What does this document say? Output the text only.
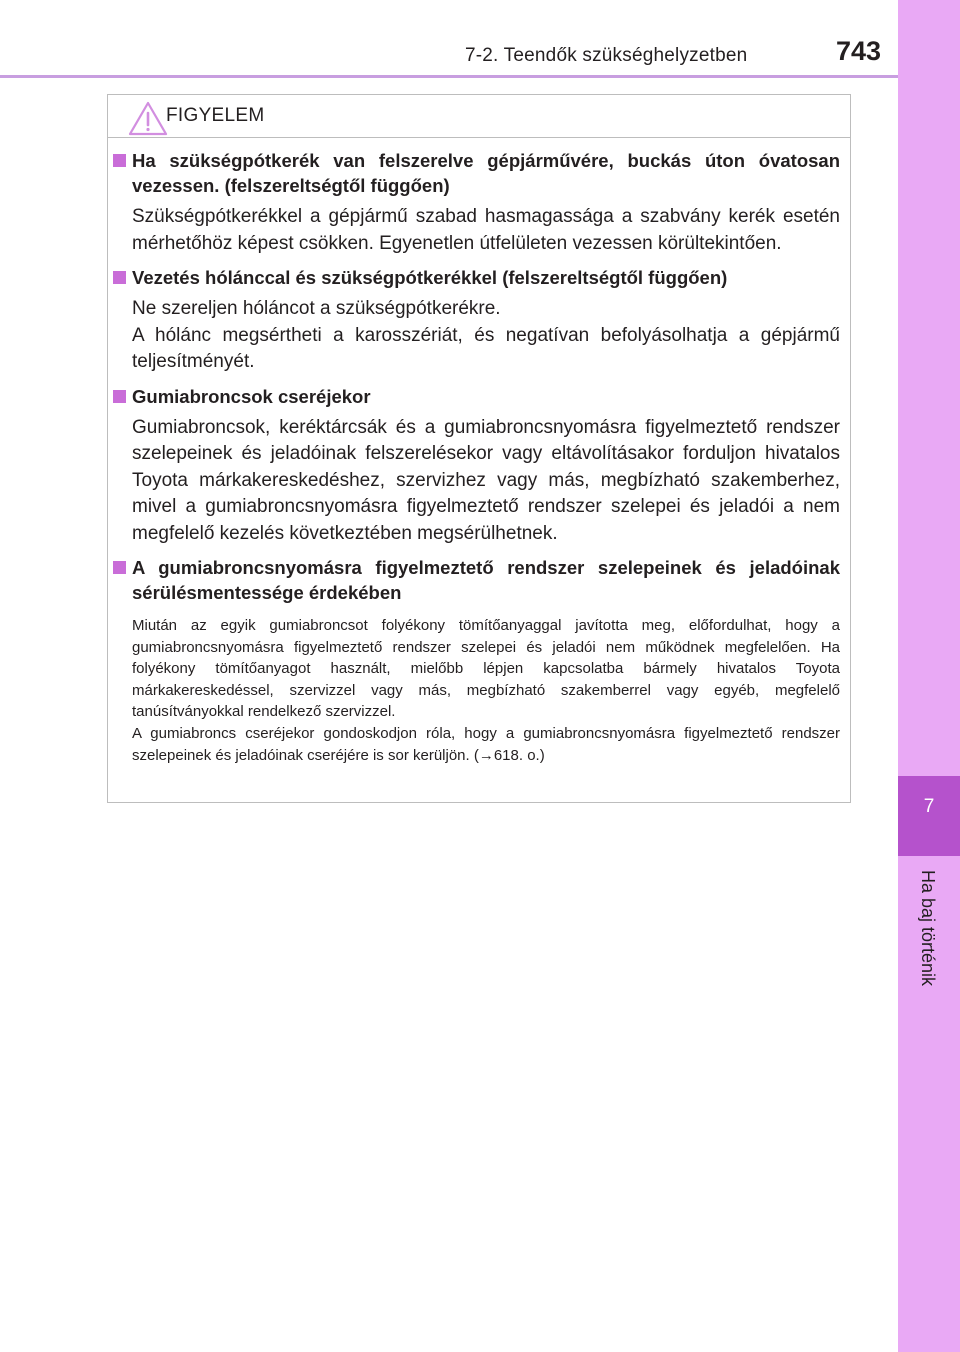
7-2. Teendők szükséghelyzetben	743
7
Ha baj történik
FIGYELEM
Ha szükségpótkerék van felszerelve gépjárművére, buckás úton óvatosan vezessen. (felszereltségtől függően)

Szükségpótkerékkel a gépjármű szabad hasmagassága a szabvány kerék esetén mérhetőhöz képest csökken. Egyenetlen útfelületen vezessen körültekintően.

Vezetés hólánccal és szükségpótkerékkel (felszereltségtől függően)

Ne szereljen hóláncot a szükségpótkerékre.

A hólánc megsértheti a karosszériát, és negatívan befolyásolhatja a gépjármű teljesítményét.

Gumiabroncsok cseréjekor

Gumiabroncsok, keréktárcsák és a gumiabroncsnyomásra figyelmeztető rendszer szelepeinek és jeladóinak felszerelésekor vagy eltávolításakor forduljon hivatalos Toyota márkakereskedéshez, szervizhez vagy más, megbízható szakemberhez, mivel a gumiabroncsnyomásra figyelmeztető rendszer szelepei és jeladói a nem megfelelő kezelés következtében megsérülhetnek.

A gumiabroncsnyomásra figyelmeztető rendszer szelepeinek és jeladóinak sérülésmentessége érdekében

Miután az egyik gumiabroncsot folyékony tömítőanyaggal javította meg, előfordulhat, hogy a gumiabroncsnyomásra figyelmeztető rendszer szelepei és jeladói nem működnek megfelelően. Ha folyékony tömítőanyagot használt, mielőbb lépjen kapcsolatba bármely hivatalos Toyota márkakereskedéssel, szervizzel vagy más, megbízható szakemberrel vagy egyéb, megfelelő tanúsítványokkal rendelkező szervizzel.

A gumiabroncs cseréjekor gondoskodjon róla, hogy a gumiabroncsnyomásra figyelmeztető rendszer szelepeinek és jeladóinak cseréjére is sor kerüljön. (→618. o.)
